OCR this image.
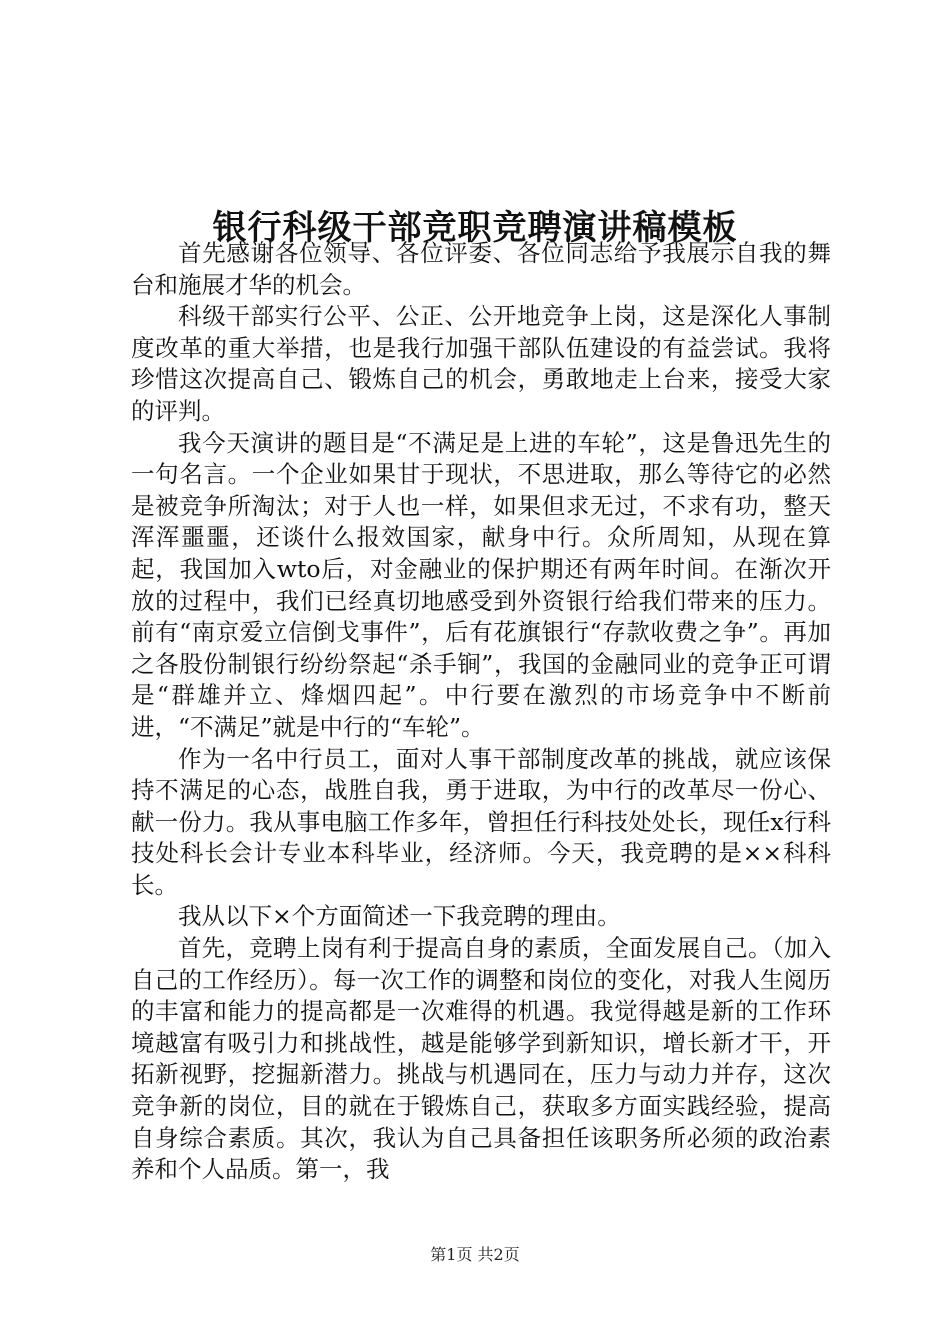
银行科级干部竞职竞聘演讲稿模板

首先感谢各位领导、各位评委、各位同志给予我展示自我的舞台和施展才华的机会。

科级干部实行公平、公正、公开地竞争上岗，这是深化人事制度改革的重大举措，也是我行加强干部队伍建设的有益尝试。我将珍惜这次提高自己、锻炼自己的机会，勇敢地走上台来，接受大家的评判。

我今天演讲的题目是“不满足是上进的车轮”，这是鲁迅先生的一句名言。一个企业如果甘于现状，不思进取，那么等待它的必然是被竞争所淘汰；对于人也一样，如果但求无过，不求有功，整天浑浑噩噩，还谈什么报效国家，献身中行。众所周知，从现在算起，我国加入wto后，对金融业的保护期还有两年时间。在渐次开放的过程中，我们已经真切地感受到外资银行给我们带来的压力。前有“南京爱立信倒戈事件”，后有花旗银行“存款收费之争”。再加之各股份制银行纷纷祭起“杀手锏”，我国的金融同业的竞争正可谓是“群雄并立、烽烟四起”。中行要在激烈的市场竞争中不断前进，“不满足”就是中行的“车轮”。

作为一名中行员工，面对人事干部制度改革的挑战，就应该保持不满足的心态，战胜自我，勇于进取，为中行的改革尽一份心、献一份力。我从事电脑工作多年，曾担任行科技处处长，现任x行科技处科长会计专业本科毕业，经济师。今天，我竞聘的是××科科长。

我从以下×个方面简述一下我竞聘的理由。

首先，竞聘上岗有利于提高自身的素质，全面发展自己。（加入自己的工作经历）。每一次工作的调整和岗位的变化，对我人生阅历的丰富和能力的提高都是一次难得的机遇。我觉得越是新的工作环境越富有吸引力和挑战性，越是能够学到新知识，增长新才干，开拓新视野，挖掘新潜力。挑战与机遇同在，压力与动力并存，这次竞争新的岗位，目的就在于锻炼自己，获取多方面实践经验，提高自身综合素质。其次，我认为自己具备担任该职务所必须的政治素养和个人品质。第一，我

第1页 共2页
